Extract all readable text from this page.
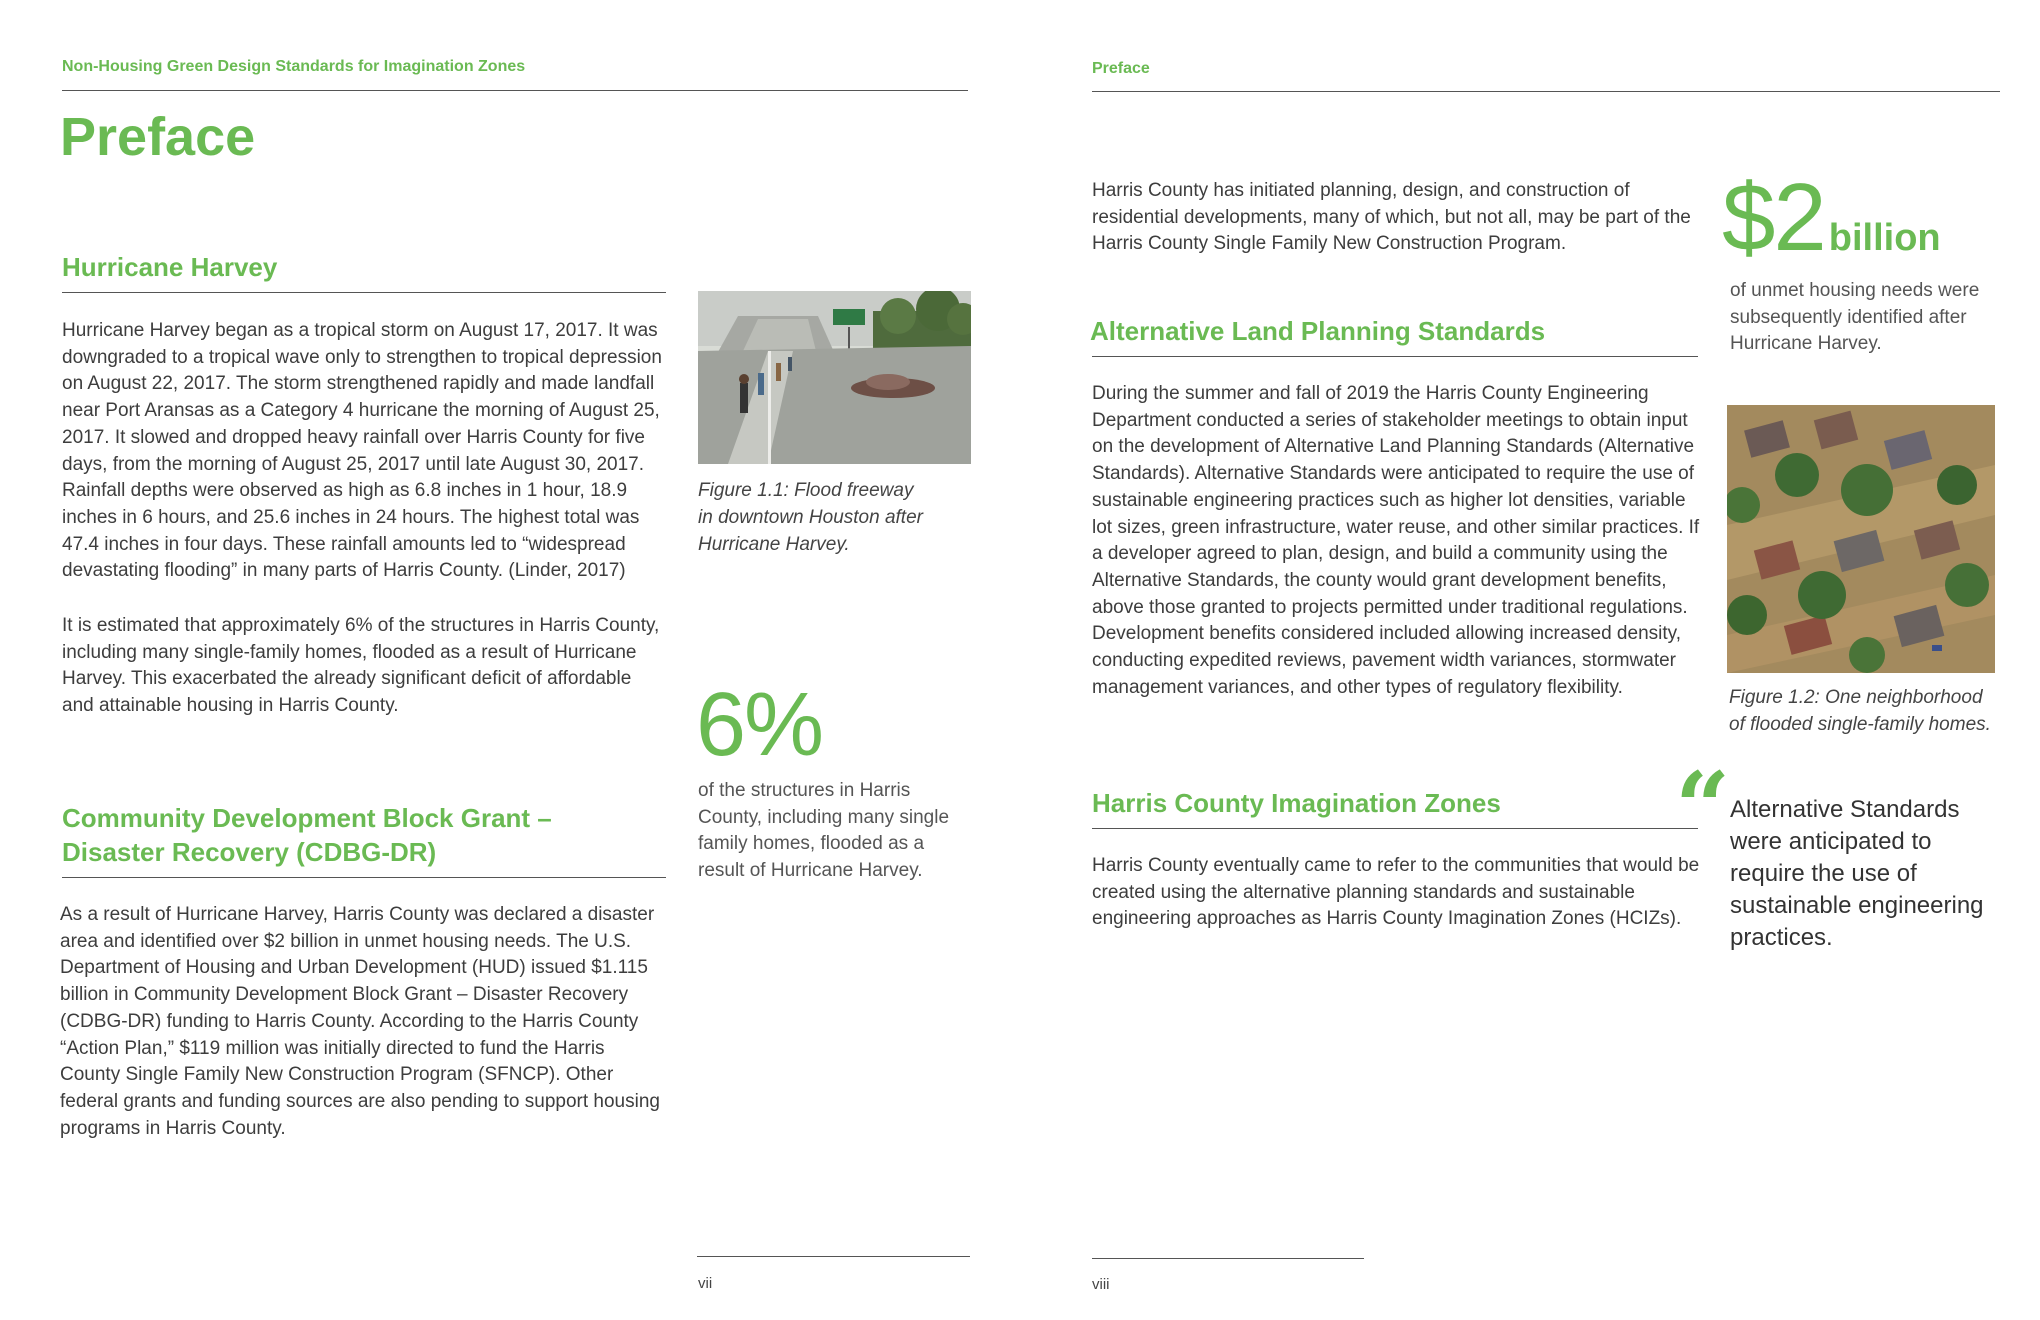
Non-Housing Green Design Standards for Imagination Zones
Preface
Hurricane Harvey
Hurricane Harvey began as a tropical storm on August 17, 2017. It was downgraded to a tropical wave only to strengthen to tropical depression on August 22, 2017. The storm strengthened rapidly and made landfall near Port Aransas as a Category 4 hurricane the morning of August 25, 2017. It slowed and dropped heavy rainfall over Harris County for five days, from the morning of August 25, 2017 until late August 30, 2017. Rainfall depths were observed as high as 6.8 inches in 1 hour, 18.9 inches in 6 hours, and 25.6 inches in 24 hours. The highest total was 47.4 inches in four days. These rainfall amounts led to “widespread devastating flooding” in many parts of Harris County. (Linder, 2017)
It is estimated that approximately 6% of the structures in Harris County, including many single-family homes, flooded as a result of Hurricane Harvey. This exacerbated the already significant deficit of affordable and attainable housing in Harris County.
Community Development Block Grant – Disaster Recovery (CDBG-DR)
As a result of Hurricane Harvey, Harris County was declared a disaster area and identified over $2 billion in unmet housing needs. The U.S. Department of Housing and Urban Development (HUD) issued $1.115 billion in Community Development Block Grant – Disaster Recovery (CDBG-DR) funding to Harris County. According to the Harris County “Action Plan,” $119 million was initially directed to fund the Harris County Single Family New Construction Program (SFNCP). Other federal grants and funding sources are also pending to support housing programs in Harris County.
Figure 1.1: Flood freeway in downtown Houston after Hurricane Harvey.
6%
of the structures in Harris County, including many single family homes, flooded as a result of Hurricane Harvey.
vii
Preface
Harris County has initiated planning, design, and construction of residential developments, many of which, but not all, may be part of the Harris County Single Family New Construction Program.
Alternative Land Planning Standards
During the summer and fall of 2019 the Harris County Engineering Department conducted a series of stakeholder meetings to obtain input on the development of Alternative Land Planning Standards (Alternative Standards). Alternative Standards were anticipated to require the use of sustainable engineering practices such as higher lot densities, variable lot sizes, green infrastructure, water reuse, and other similar practices. If a developer agreed to plan, design, and build a community using the Alternative Standards, the county would grant development benefits, above those granted to projects permitted under traditional regulations. Development benefits considered included allowing increased density, conducting expedited reviews, pavement width variances, stormwater management variances, and other types of regulatory flexibility.
Harris County Imagination Zones
Harris County eventually came to refer to the communities that would be created using the alternative planning standards and sustainable engineering approaches as Harris County Imagination Zones (HCIZs).
$2 billion
of unmet housing needs were subsequently identified after Hurricane Harvey.
Figure 1.2: One neighborhood of flooded single-family homes.
“ Alternative Standards were anticipated to require the use of sustainable engineering practices.
viii
